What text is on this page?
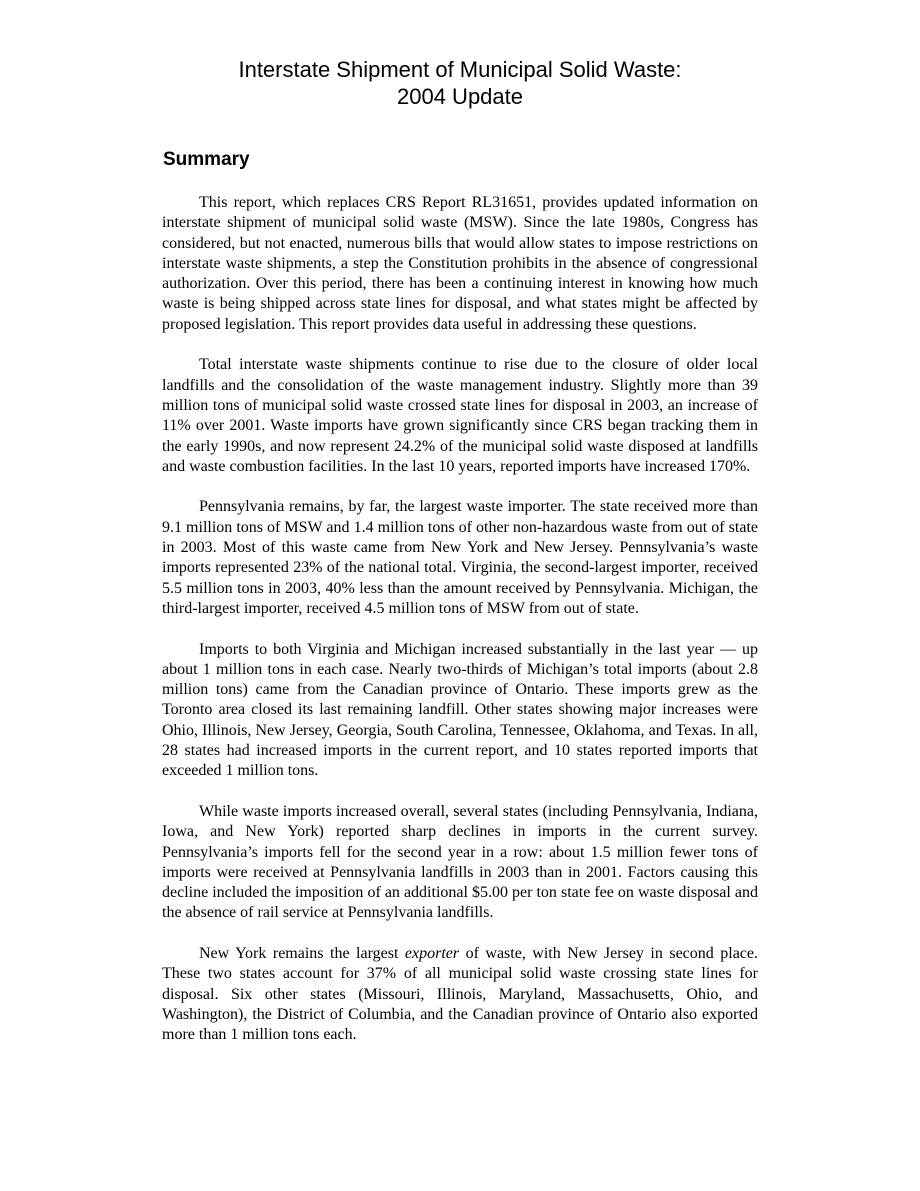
Interstate Shipment of Municipal Solid Waste:
2004 Update
Summary

This report, which replaces CRS Report RL31651, provides updated information on interstate shipment of municipal solid waste (MSW). Since the late 1980s, Congress has considered, but not enacted, numerous bills that would allow states to impose restrictions on interstate waste shipments, a step the Constitution prohibits in the absence of congressional authorization. Over this period, there has been a continuing interest in knowing how much waste is being shipped across state lines for disposal, and what states might be affected by proposed legislation. This report provides data useful in addressing these questions.

Total interstate waste shipments continue to rise due to the closure of older local landfills and the consolidation of the waste management industry. Slightly more than 39 million tons of municipal solid waste crossed state lines for disposal in 2003, an increase of 11% over 2001. Waste imports have grown significantly since CRS began tracking them in the early 1990s, and now represent 24.2% of the municipal solid waste disposed at landfills and waste combustion facilities. In the last 10 years, reported imports have increased 170%.

Pennsylvania remains, by far, the largest waste importer. The state received more than 9.1 million tons of MSW and 1.4 million tons of other non-hazardous waste from out of state in 2003. Most of this waste came from New York and New Jersey. Pennsylvania’s waste imports represented 23% of the national total. Virginia, the second-largest importer, received 5.5 million tons in 2003, 40% less than the amount received by Pennsylvania. Michigan, the third-largest importer, received 4.5 million tons of MSW from out of state.

Imports to both Virginia and Michigan increased substantially in the last year — up about 1 million tons in each case. Nearly two-thirds of Michigan’s total imports (about 2.8 million tons) came from the Canadian province of Ontario. These imports grew as the Toronto area closed its last remaining landfill. Other states showing major increases were Ohio, Illinois, New Jersey, Georgia, South Carolina, Tennessee, Oklahoma, and Texas. In all, 28 states had increased imports in the current report, and 10 states reported imports that exceeded 1 million tons.

While waste imports increased overall, several states (including Pennsylvania, Indiana, Iowa, and New York) reported sharp declines in imports in the current survey. Pennsylvania’s imports fell for the second year in a row: about 1.5 million fewer tons of imports were received at Pennsylvania landfills in 2003 than in 2001. Factors causing this decline included the imposition of an additional $5.00 per ton state fee on waste disposal and the absence of rail service at Pennsylvania landfills.

New York remains the largest exporter of waste, with New Jersey in second place. These two states account for 37% of all municipal solid waste crossing state lines for disposal. Six other states (Missouri, Illinois, Maryland, Massachusetts, Ohio, and Washington), the District of Columbia, and the Canadian province of Ontario also exported more than 1 million tons each.
